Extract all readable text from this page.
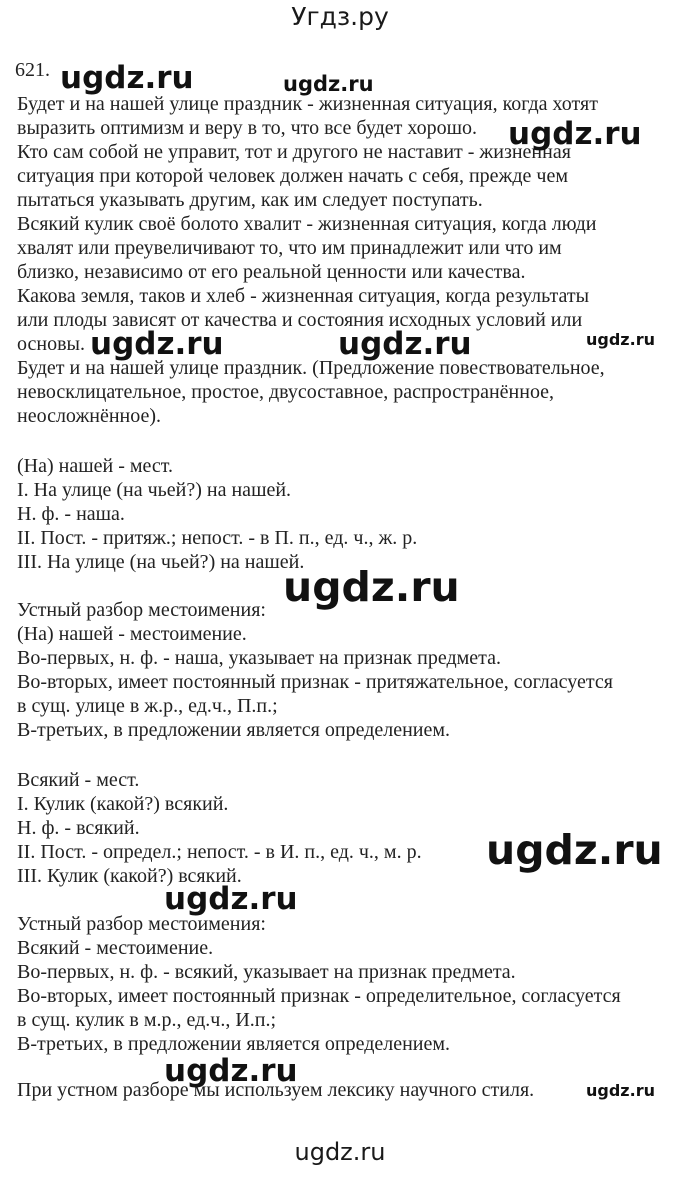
Угдз.ру
621.
Будет и на нашей улице праздник - жизненная ситуация, когда хотят
выразить оптимизм и веру в то, что все будет хорошо.
Кто сам собой не управит, тот и другого не наставит - жизненная
ситуация при которой человек должен начать с себя, прежде чем
пытаться указывать другим, как им следует поступать.
Всякий кулик своё болото хвалит - жизненная ситуация, когда люди
хвалят или преувеличивают то, что им принадлежит или что им
близко, независимо от его реальной ценности или качества.
Какова земля, таков и хлеб - жизненная ситуация, когда результаты
или плоды зависят от качества и состояния исходных условий или
основы.
Будет и на нашей улице праздник. (Предложение повествовательное,
невосклицательное, простое, двусоставное, распространённое,
неосложнённое).
(На) нашей - мест.
I. На улице (на чьей?) на нашей.
Н. ф. - наша.
II. Пост. - притяж.; непост. - в П. п., ед. ч., ж. р.
III. На улице (на чьей?) на нашей.
Устный разбор местоимения:
(На) нашей - местоимение.
Во-первых, н. ф. - наша, указывает на признак предмета.
Во-вторых, имеет постоянный признак - притяжательное, согласуется
в сущ. улице в ж.р., ед.ч., П.п.;
В-третьих, в предложении является определением.
Всякий - мест.
I. Кулик (какой?) всякий.
Н. ф. - всякий.
II. Пост. - определ.; непост. - в И. п., ед. ч., м. р.
III. Кулик (какой?) всякий.
Устный разбор местоимения:
Всякий - местоимение.
Во-первых, н. ф. - всякий, указывает на признак предмета.
Во-вторых, имеет постоянный признак - определительное, согласуется
в сущ. кулик в м.р., ед.ч., И.п.;
В-третьих, в предложении является определением.
При устном разборе мы используем лексику научного стиля.
ugdz.ru	ugdz.ru
ugdz.ru
ugdz.ru	ugdz.ru	ugdz.ru
ugdz.ru
ugdz.ru
ugdz.ru
ugdz.ru
ugdz.ru
ugdz.ru
